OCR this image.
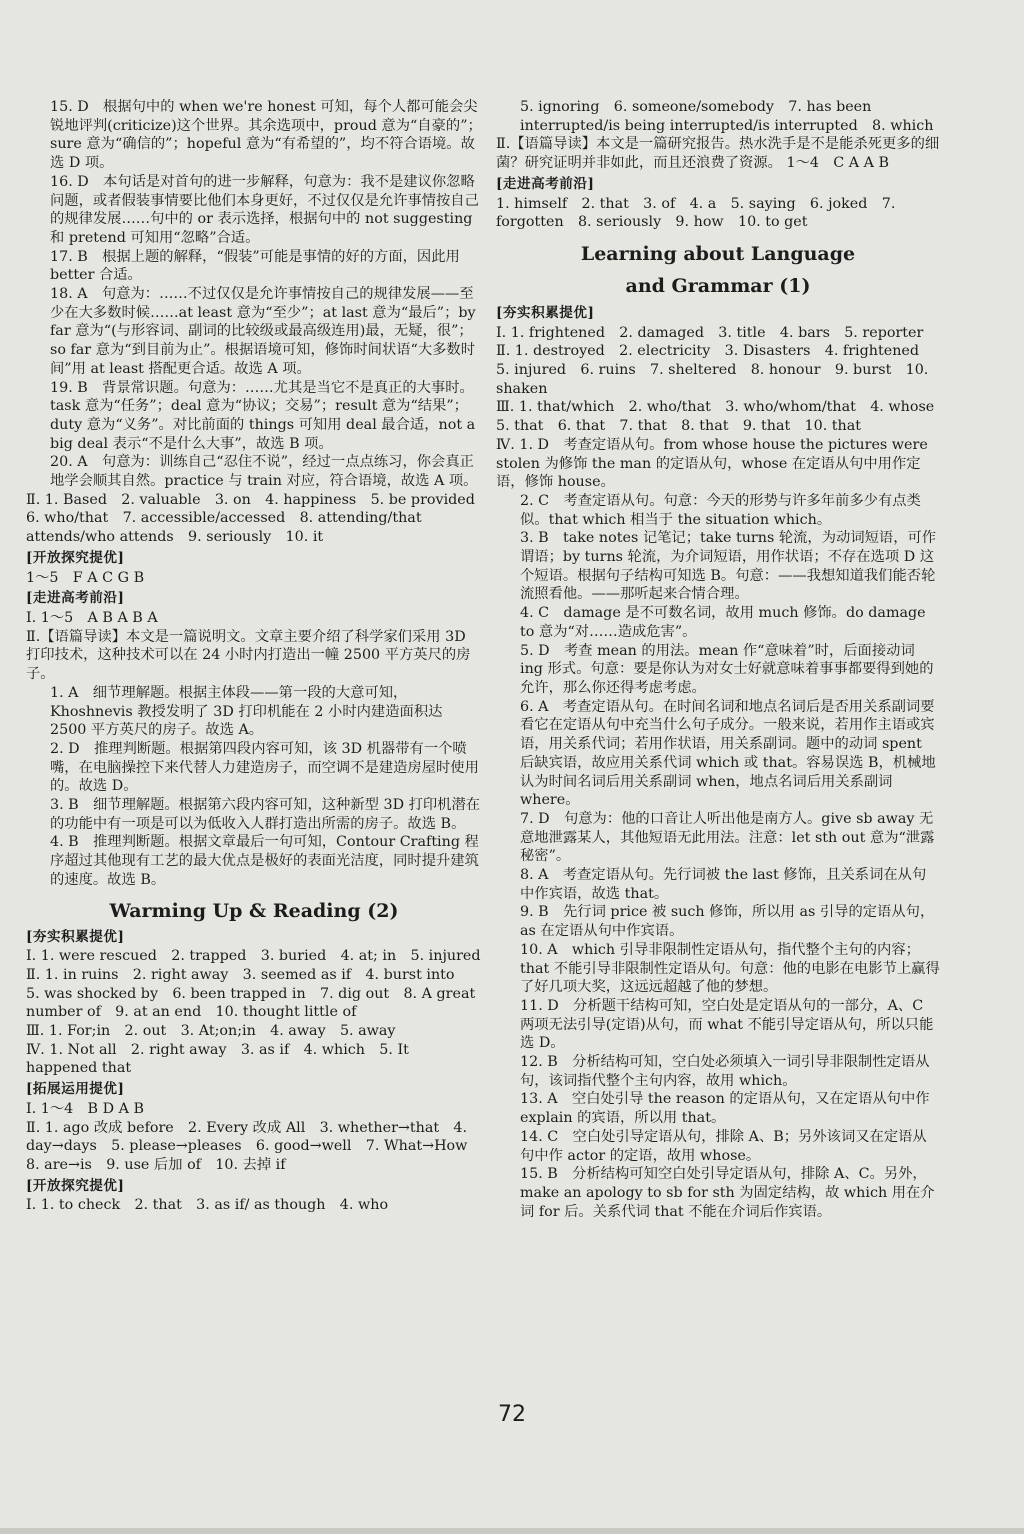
15. D　根据句中的 when we're honest 可知，每个人都可能会尖锐地评判(criticize)这个世界。其余选项中，proud 意为“自豪的”；sure 意为“确信的”；hopeful 意为“有希望的”，均不符合语境。故选 D 项。
16. D　本句话是对首句的进一步解释，句意为：我不是建议你忽略问题，或者假装事情要比他们本身更好，不过仅仅是允许事情按自己的规律发展……句中的 or 表示选择，根据句中的 not suggesting 和 pretend 可知用“忽略”合适。
17. B　根据上题的解释，“假装”可能是事情的好的方面，因此用 better 合适。
18. A　句意为：……不过仅仅是允许事情按自己的规律发展——至少在大多数时候……at least 意为“至少”；at last 意为“最后”；by far 意为“(与形容词、副词的比较级或最高级连用)最，无疑，很”；so far 意为“到目前为止”。根据语境可知，修饰时间状语“大多数时间”用 at least 搭配更合适。故选 A 项。
19. B　背景常识题。句意为：……尤其是当它不是真正的大事时。task 意为“任务”；deal 意为“协议；交易”；result 意为“结果”；duty 意为“义务”。对比前面的 things 可知用 deal 最合适，not a big deal 表示“不是什么大事”，故选 B 项。
20. A　句意为：训练自己“忍住不说”，经过一点点练习，你会真正地学会顺其自然。practice 与 train 对应，符合语境，故选 A 项。
Ⅱ. 1. Based　2. valuable　3. on　4. happiness　5. be provided　6. who/that　7. accessible/accessed　8. attending/that attends/who attends　9. seriously　10. it
[开放探究提优]
1～5　F A C G B
[走进高考前沿]
Ⅰ. 1～5　A B A B A
Ⅱ.【语篇导读】本文是一篇说明文。文章主要介绍了科学家们采用 3D 打印技术，这种技术可以在 24 小时内打造出一幢 2500 平方英尺的房子。
1. A　细节理解题。根据主体段——第一段的大意可知，Khoshnevis 教授发明了 3D 打印机能在 2 小时内建造面积达 2500 平方英尺的房子。故选 A。
2. D　推理判断题。根据第四段内容可知，该 3D 机器带有一个喷嘴，在电脑操控下来代替人力建造房子，而空调不是建造房屋时使用的。故选 D。
3. B　细节理解题。根据第六段内容可知，这种新型 3D 打印机潜在的功能中有一项是可以为低收入人群打造出所需的房子。故选 B。
4. B　推理判断题。根据文章最后一句可知，Contour Crafting 程序超过其他现有工艺的最大优点是极好的表面光洁度，同时提升建筑的速度。故选 B。
Warming Up & Reading (2)
[夯实积累提优]
Ⅰ. 1. were rescued　2. trapped　3. buried　4. at; in　5. injured
Ⅱ. 1. in ruins　2. right away　3. seemed as if　4. burst into　5. was shocked by　6. been trapped in　7. dig out　8. A great number of　9. at an end　10. thought little of
Ⅲ. 1. For;in　2. out　3. At;on;in　4. away　5. away
Ⅳ. 1. Not all　2. right away　3. as if　4. which　5. It happened that
[拓展运用提优]
Ⅰ. 1～4　B D A B
Ⅱ. 1. ago 改成 before　2. Every 改成 All　3. whether→that　4. day→days　5. please→pleases　6. good→well　7. What→How　8. are→is　9. use 后加 of　10. 去掉 if
[开放探究提优]
Ⅰ. 1. to check　2. that　3. as if/ as though　4. who
5. ignoring　6. someone/somebody　7. has been interrupted/is being interrupted/is interrupted　8. which
Ⅱ.【语篇导读】本文是一篇研究报告。热水洗手是不是能杀死更多的细菌？研究证明并非如此，而且还浪费了资源。 1～4　C A A B
[走进高考前沿]
1. himself　2. that　3. of　4. a　5. saying　6. joked　7. forgotten　8. seriously　9. how　10. to get
Learning about Language
and Grammar (1)
[夯实积累提优]
Ⅰ. 1. frightened　2. damaged　3. title　4. bars　5. reporter
Ⅱ. 1. destroyed　2. electricity　3. Disasters　4. frightened　5. injured　6. ruins　7. sheltered　8. honour　9. burst　10. shaken
Ⅲ. 1. that/which　2. who/that　3. who/whom/that　4. whose　5. that　6. that　7. that　8. that　9. that　10. that
Ⅳ. 1. D　考查定语从句。from whose house the pictures were stolen 为修饰 the man 的定语从句，whose 在定语从句中用作定语，修饰 house。
2. C　考查定语从句。句意：今天的形势与许多年前多少有点类似。that which 相当于 the situation which。
3. B　take notes 记笔记；take turns 轮流，为动词短语，可作谓语；by turns 轮流，为介词短语，用作状语；不存在选项 D 这个短语。根据句子结构可知选 B。句意：——我想知道我们能否轮流照看他。——那听起来合情合理。
4. C　damage 是不可数名词，故用 much 修饰。do damage to 意为“对……造成危害”。
5. D　考查 mean 的用法。mean 作“意味着”时，后面接动词 ing 形式。句意：要是你认为对女士好就意味着事事都要得到她的允许，那么你还得考虑考虑。
6. A　考查定语从句。在时间名词和地点名词后是否用关系副词要看它在定语从句中充当什么句子成分。一般来说，若用作主语或宾语，用关系代词；若用作状语，用关系副词。题中的动词 spent 后缺宾语，故应用关系代词 which 或 that。容易误选 B，机械地认为时间名词后用关系副词 when，地点名词后用关系副词 where。
7. D　句意为：他的口音让人听出他是南方人。give sb away 无意地泄露某人，其他短语无此用法。注意：let sth out 意为“泄露秘密”。
8. A　考查定语从句。先行词被 the last 修饰，且关系词在从句中作宾语，故选 that。
9. B　先行词 price 被 such 修饰，所以用 as 引导的定语从句，as 在定语从句中作宾语。
10. A　which 引导非限制性定语从句，指代整个主句的内容；that 不能引导非限制性定语从句。句意：他的电影在电影节上赢得了好几项大奖，这远远超越了他的梦想。
11. D　分析题干结构可知，空白处是定语从句的一部分，A、C 两项无法引导(定语)从句，而 what 不能引导定语从句，所以只能选 D。
12. B　分析结构可知，空白处必须填入一词引导非限制性定语从句，该词指代整个主句内容，故用 which。
13. A　空白处引导 the reason 的定语从句，又在定语从句中作 explain 的宾语，所以用 that。
14. C　空白处引导定语从句，排除 A、B；另外该词又在定语从句中作 actor 的定语，故用 whose。
15. B　分析结构可知空白处引导定语从句，排除 A、C。另外，make an apology to sb for sth 为固定结构，故 which 用在介词 for 后。关系代词 that 不能在介词后作宾语。
72
